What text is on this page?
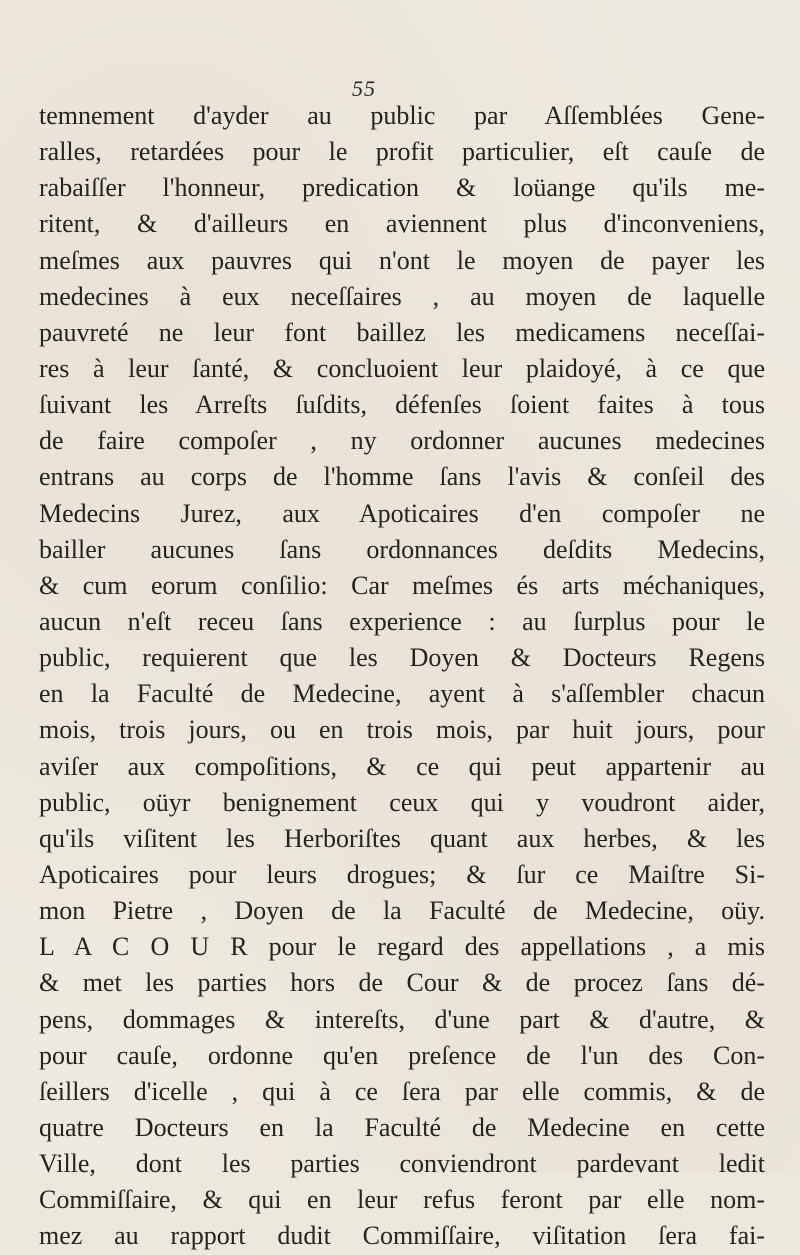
55
temnement d'ayder au public par Aſſemblées Gene-
ralles, retardées pour le profit particulier, eſt cauſe de
rabaiſſer l'honneur, predication & loüange qu'ils me-
ritent, & d'ailleurs en aviennent plus d'inconveniens,
meſmes aux pauvres qui n'ont le moyen de payer les
medecines à eux neceſſaires , au moyen de laquelle
pauvreté ne leur font baillez les medicamens neceſſai-
res à leur ſanté, & concluoient leur plaidoyé, à ce que
ſuivant les Arreſts ſuſdits, défenſes ſoient faites à tous
de faire compoſer , ny ordonner aucunes medecines
entrans au corps de l'homme ſans l'avis & conſeil des
Medecins Jurez, aux Apoticaires d'en compoſer ne
bailler aucunes ſans ordonnances deſdits Medecins,
& cum eorum conſilio: Car meſmes és arts méchaniques,
aucun n'eſt receu ſans experience : au ſurplus pour le
public, requierent que les Doyen & Docteurs Regens
en la Faculté de Medecine, ayent à s'aſſembler chacun
mois, trois jours, ou en trois mois, par huit jours, pour
aviſer aux compoſitions, & ce qui peut appartenir au
public, oüyr benignement ceux qui y voudront aider,
qu'ils viſitent les Herboriſtes quant aux herbes, & les
Apoticaires pour leurs drogues; & ſur ce Maiſtre Si-
mon Pietre , Doyen de la Faculté de Medecine, oüy.
L A C O U R pour le regard des appellations , a mis
& met les parties hors de Cour & de procez ſans dé-
pens, dommages & intereſts, d'une part & d'autre, &
pour cauſe, ordonne qu'en preſence de l'un des Con-
ſeillers d'icelle , qui à ce ſera par elle commis, & de
quatre Docteurs en la Faculté de Medecine en cette
Ville, dont les parties conviendront pardevant ledit
Commiſſaire, & qui en leur refus feront par elle nom-
mez au rapport dudit Commiſſaire, viſitation ſera fai-
